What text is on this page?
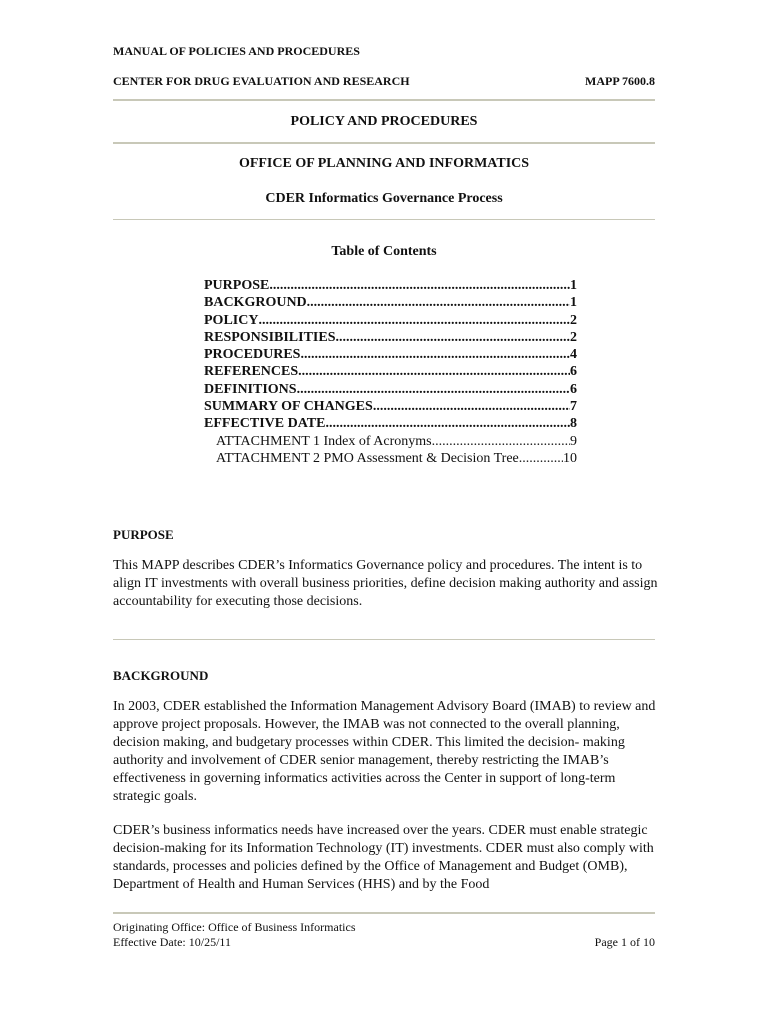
MANUAL OF POLICIES AND PROCEDURES
CENTER FOR DRUG EVALUATION AND RESEARCH	MAPP 7600.8
POLICY AND PROCEDURES
OFFICE OF PLANNING AND INFORMATICS
CDER Informatics Governance Process
Table of Contents
PURPOSE .....	1
BACKGROUND .....	1
POLICY .....	2
RESPONSIBILITIES .....	2
PROCEDURES .....	4
REFERENCES .....	6
DEFINITIONS .....	6
SUMMARY OF CHANGES .....	7
EFFECTIVE DATE .....	8
ATTACHMENT 1 Index of Acronyms .....	9
ATTACHMENT 2 PMO Assessment & Decision Tree .....	10
PURPOSE
This MAPP describes CDER’s Informatics Governance policy and procedures. The intent is to align IT investments with overall business priorities, define decision making authority and assign accountability for executing those decisions.
BACKGROUND
In 2003, CDER established the Information Management Advisory Board (IMAB) to review and approve project proposals. However, the IMAB was not connected to the overall planning, decision making, and budgetary processes within CDER. This limited the decision- making authority and involvement of CDER senior management, thereby restricting the IMAB’s effectiveness in governing informatics activities across the Center in support of long-term strategic goals.
CDER’s business informatics needs have increased over the years. CDER must enable strategic decision-making for its Information Technology (IT) investments. CDER must also comply with standards, processes and policies defined by the Office of Management and Budget (OMB), Department of Health and Human Services (HHS) and by the Food
Originating Office: Office of Business Informatics
Effective Date: 10/25/11	Page 1 of 10
